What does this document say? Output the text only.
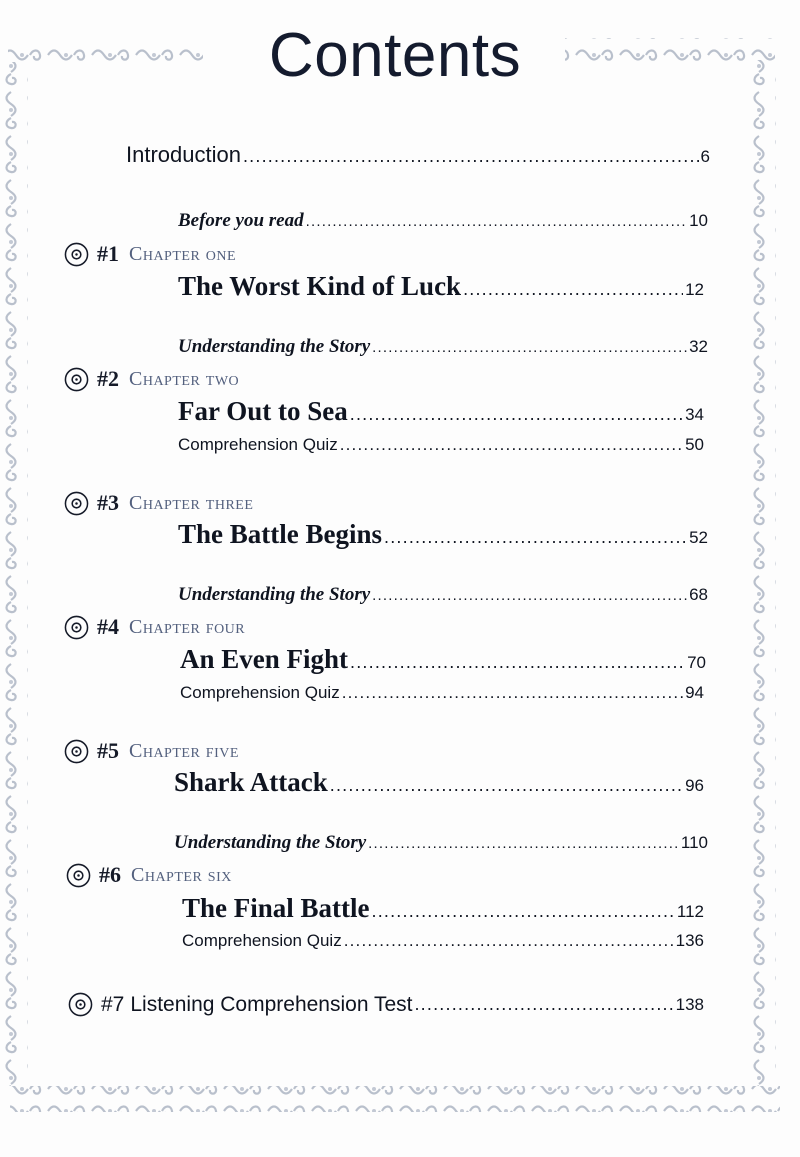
Contents
Introduction .....	6
Before you read .....	10
#1 Chapter one
The Worst Kind of Luck .....	12
Understanding the Story .....	32
#2 Chapter two
Far Out to Sea .....	34
Comprehension Quiz .....	50
#3 Chapter three
The Battle Begins .....	52
Understanding the Story .....	68
#4 Chapter four
An Even Fight .....	70
Comprehension Quiz .....	94
#5 Chapter five
Shark Attack .....	96
Understanding the Story .....	110
#6 Chapter six
The Final Battle .....	112
Comprehension Quiz .....	136
#7 Listening Comprehension Test .....	138
